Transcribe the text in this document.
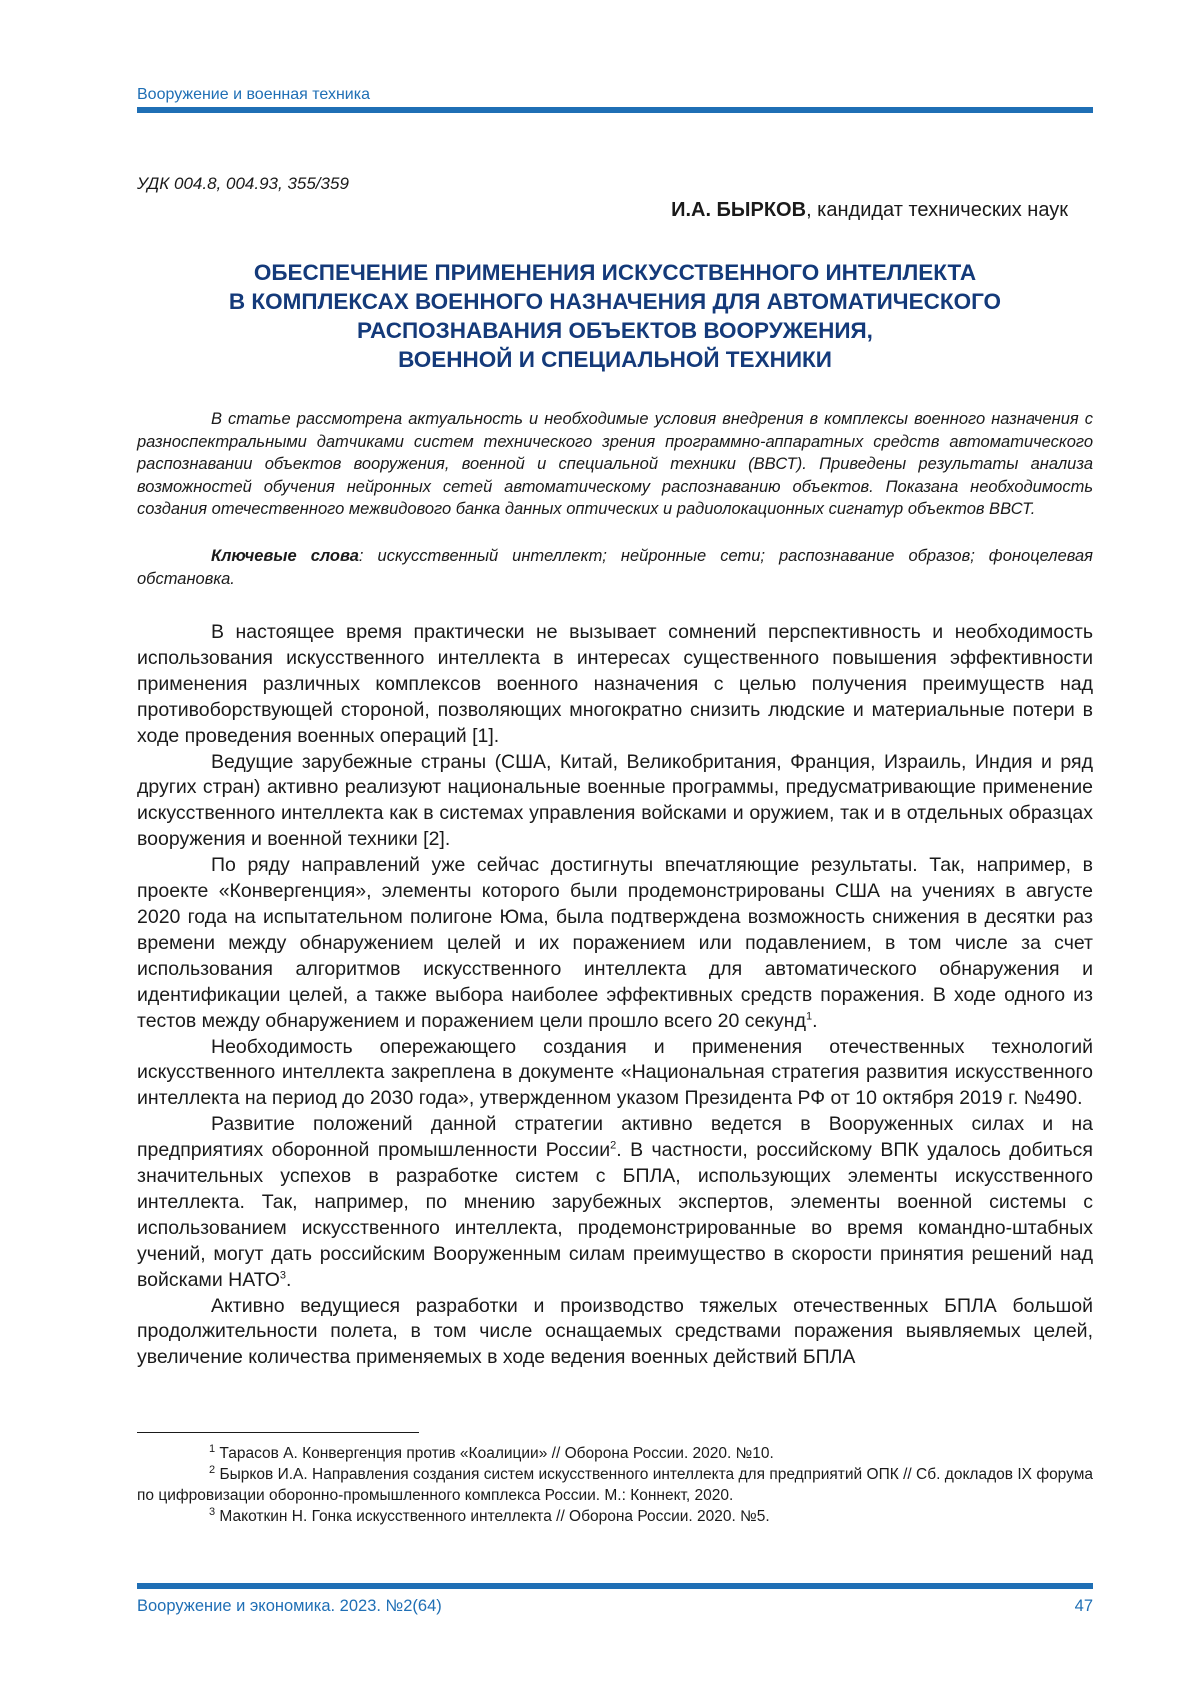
Вооружение и военная техника
УДК 004.8, 004.93, 355/359
И.А. БЫРКОВ, кандидат технических наук
ОБЕСПЕЧЕНИЕ ПРИМЕНЕНИЯ ИСКУССТВЕННОГО ИНТЕЛЛЕКТА
В КОМПЛЕКСАХ ВОЕННОГО НАЗНАЧЕНИЯ ДЛЯ АВТОМАТИЧЕСКОГО
РАСПОЗНАВАНИЯ ОБЪЕКТОВ ВООРУЖЕНИЯ,
ВОЕННОЙ И СПЕЦИАЛЬНОЙ ТЕХНИКИ

В статье рассмотрена актуальность и необходимые условия внедрения в комплексы военного назначения с разноспектральными датчиками систем технического зрения программно-аппаратных средств автоматического распознавании объектов вооружения, военной и специальной техники (ВВСТ). Приведены результаты анализа возможностей обучения нейронных сетей автоматическому распознаванию объектов. Показана необходимость создания отечественного межвидового банка данных оптических и радиолокационных сигнатур объектов ВВСТ.

Ключевые слова: искусственный интеллект; нейронные сети; распознавание образов; фоноцелевая обстановка.

В настоящее время практически не вызывает сомнений перспективность и необходимость использования искусственного интеллекта в интересах существенного повышения эффективности применения различных комплексов военного назначения с целью получения преимуществ над противоборствующей стороной, позволяющих многократно снизить людские и материальные потери в ходе проведения военных операций [1].

Ведущие зарубежные страны (США, Китай, Великобритания, Франция, Израиль, Индия и ряд других стран) активно реализуют национальные военные программы, предусматривающие применение искусственного интеллекта как в системах управления войсками и оружием, так и в отдельных образцах вооружения и военной техники [2].

По ряду направлений уже сейчас достигнуты впечатляющие результаты. Так, например, в проекте «Конвергенция», элементы которого были продемонстрированы США на учениях в августе 2020 года на испытательном полигоне Юма, была подтверждена возможность снижения в десятки раз времени между обнаружением целей и их поражением или подавлением, в том числе за счет использования алгоритмов искусственного интеллекта для автоматического обнаружения и идентификации целей, а также выбора наиболее эффективных средств поражения. В ходе одного из тестов между обнаружением и поражением цели прошло всего 20 секунд$^1$.

Необходимость опережающего создания и применения отечественных технологий искусственного интеллекта закреплена в документе «Национальная стратегия развития искусственного интеллекта на период до 2030 года», утвержденном указом Президента РФ от 10 октября 2019 г. №490.

Развитие положений данной стратегии активно ведется в Вооруженных силах и на предприятиях оборонной промышленности России$^2$. В частности, российскому ВПК удалось добиться значительных успехов в разработке систем с БПЛА, использующих элементы искусственного интеллекта. Так, например, по мнению зарубежных экспертов, элементы военной системы с использованием искусственного интеллекта, продемонстрированные во время командно-штабных учений, могут дать российским Вооруженным силам преимущество в скорости принятия решений над войсками НАТО$^3$.

Активно ведущиеся разработки и производство тяжелых отечественных БПЛА большой продолжительности полета, в том числе оснащаемых средствами поражения выявляемых целей, увеличение количества применяемых в ходе ведения военных действий БПЛА

$^1$ Тарасов А. Конвергенция против «Коалиции» // Оборона России. 2020. №10.

$^2$ Бырков И.А. Направления создания систем искусственного интеллекта для предприятий ОПК // Сб. докладов IX форума по цифровизации оборонно-промышленного комплекса России. М.: Коннект, 2020.

$^3$ Макоткин Н. Гонка искусственного интеллекта // Оборона России. 2020. №5.

Вооружение и экономика. 2023. №2(64)	47
